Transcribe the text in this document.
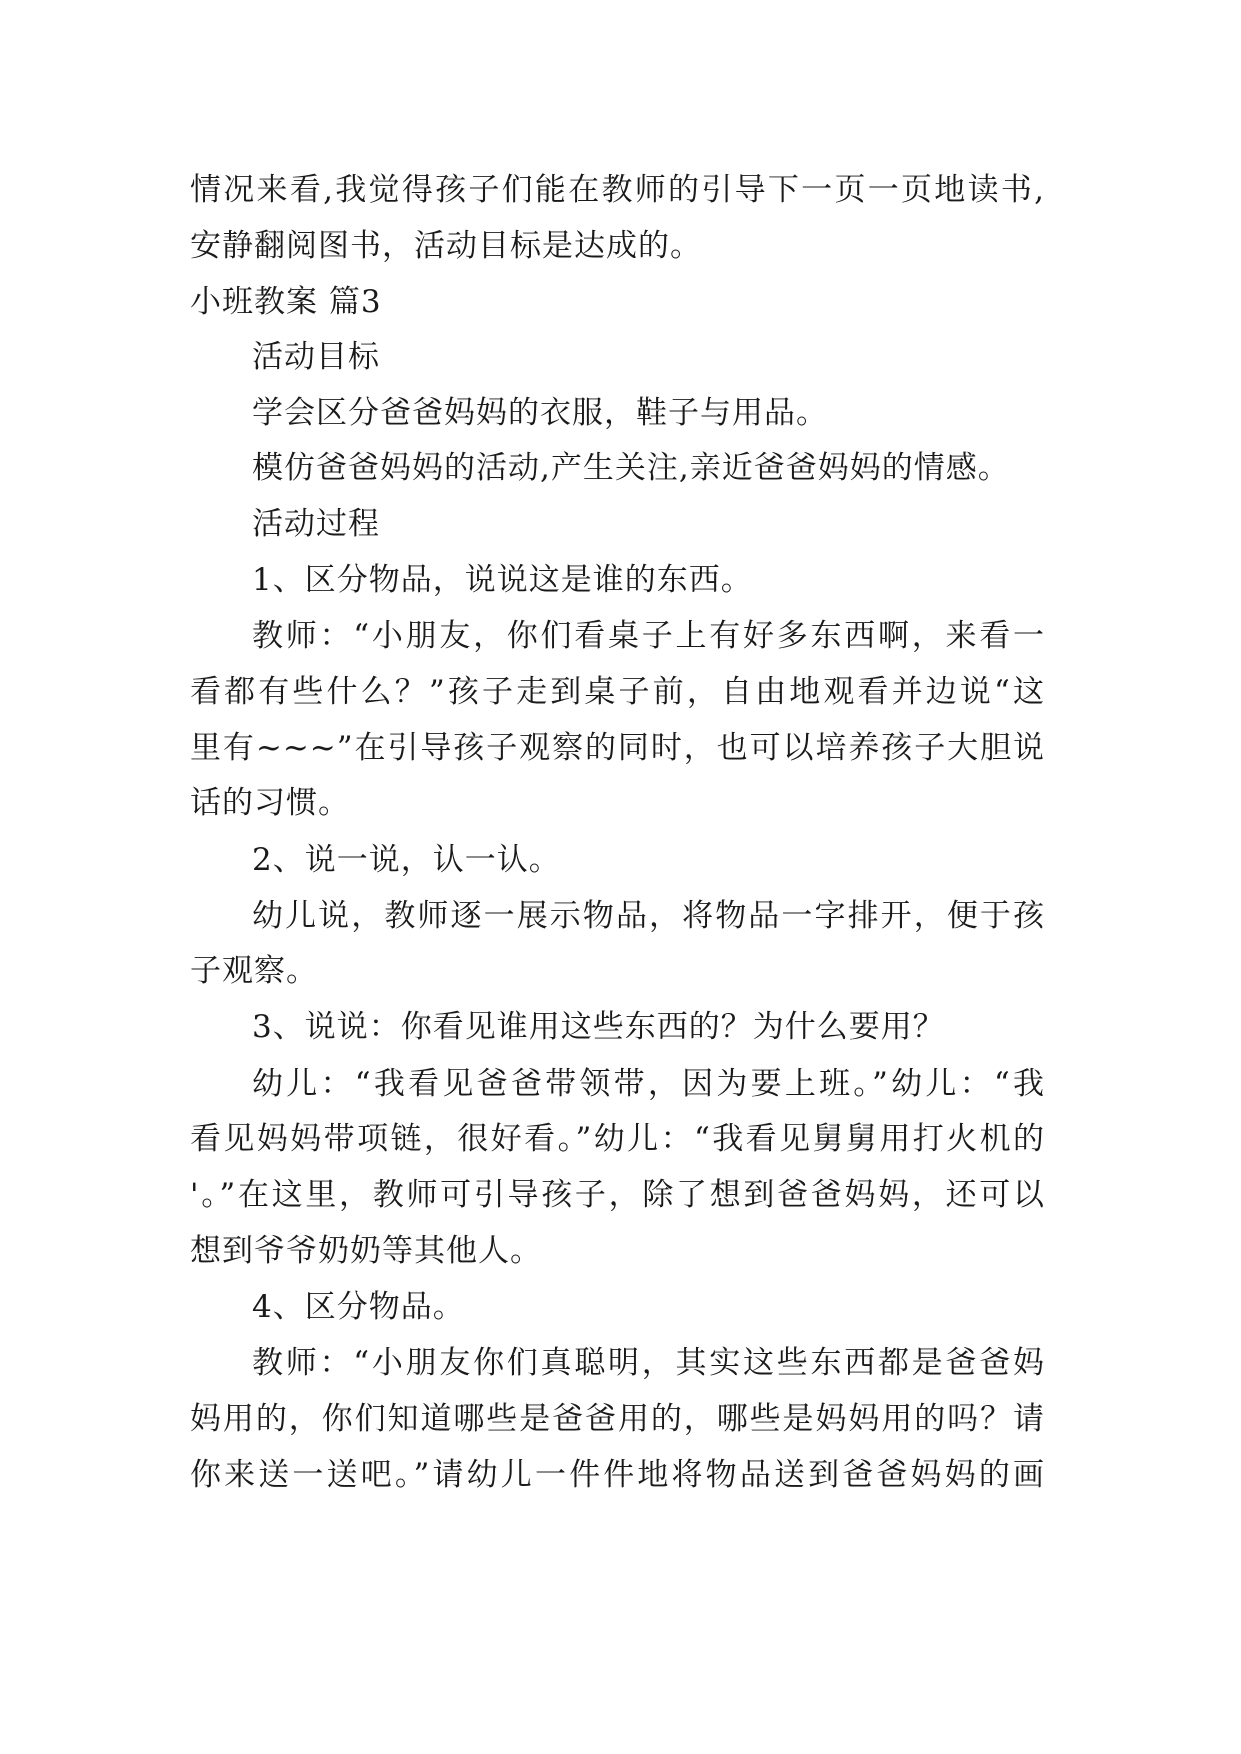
情况来看,我觉得孩子们能在教师的引导下一页一页地读书,
安静翻阅图书，活动目标是达成的。
小班教案 篇3
活动目标
学会区分爸爸妈妈的衣服，鞋子与用品。
模仿爸爸妈妈的活动,产生关注,亲近爸爸妈妈的情感。
活动过程
1、区分物品，说说这是谁的东西。
教师：“小朋友，你们看桌子上有好多东西啊，来看一
看都有些什么？”孩子走到桌子前，自由地观看并边说“这
里有~~~”在引导孩子观察的同时，也可以培养孩子大胆说
话的习惯。
2、说一说，认一认。
幼儿说，教师逐一展示物品，将物品一字排开，便于孩
子观察。
3、说说：你看见谁用这些东西的？为什么要用？
幼儿：“我看见爸爸带领带，因为要上班。”幼儿：“我
看见妈妈带项链，很好看。”幼儿：“我看见舅舅用打火机的
'。”在这里，教师可引导孩子，除了想到爸爸妈妈，还可以
想到爷爷奶奶等其他人。
4、区分物品。
教师：“小朋友你们真聪明，其实这些东西都是爸爸妈
妈用的，你们知道哪些是爸爸用的，哪些是妈妈用的吗？请
你来送一送吧。”请幼儿一件件地将物品送到爸爸妈妈的画
